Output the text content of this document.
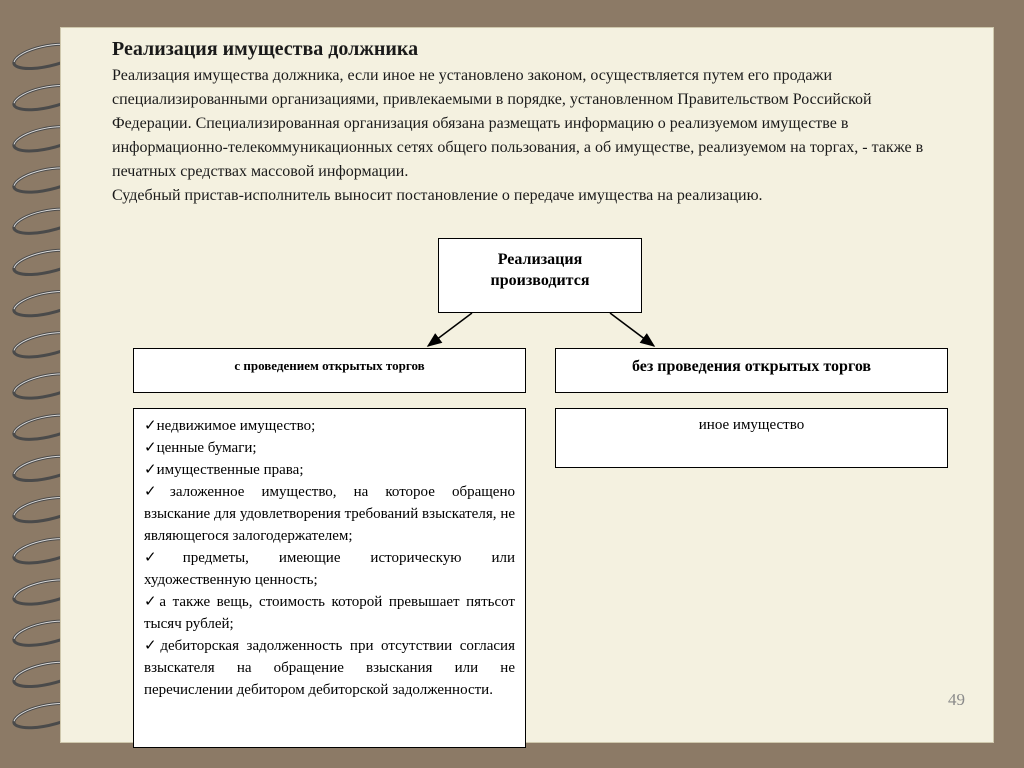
Реализация имущества должника
Реализация имущества должника, если иное не установлено законом, осуществляется путем его продажи специализированными организациями, привлекаемыми в порядке, установленном Правительством Российской Федерации. Специализированная организация обязана размещать информацию о реализуемом имуществе в информационно-телекоммуникационных сетях общего пользования, а об имуществе, реализуемом на торгах, - также в печатных средствах массовой информации.
Судебный пристав-исполнитель выносит постановление о передаче имущества на реализацию.
Реализация
производится
с проведением открытых торгов	без проведения открытых торгов
✓недвижимое имущество;
✓ценные бумаги;
✓имущественные права;
✓заложенное имущество, на которое обращено взыскание для удовлетворения требований взыскателя, не являющегося залогодержателем;
✓предметы, имеющие историческую или художественную ценность;
✓а также вещь, стоимость которой превышает пятьсот тысяч рублей;
✓дебиторская задолженность при отсутствии согласия взыскателя на обращение взыскания или не перечислении дебитором дебиторской задолженности.
иное имущество
49
